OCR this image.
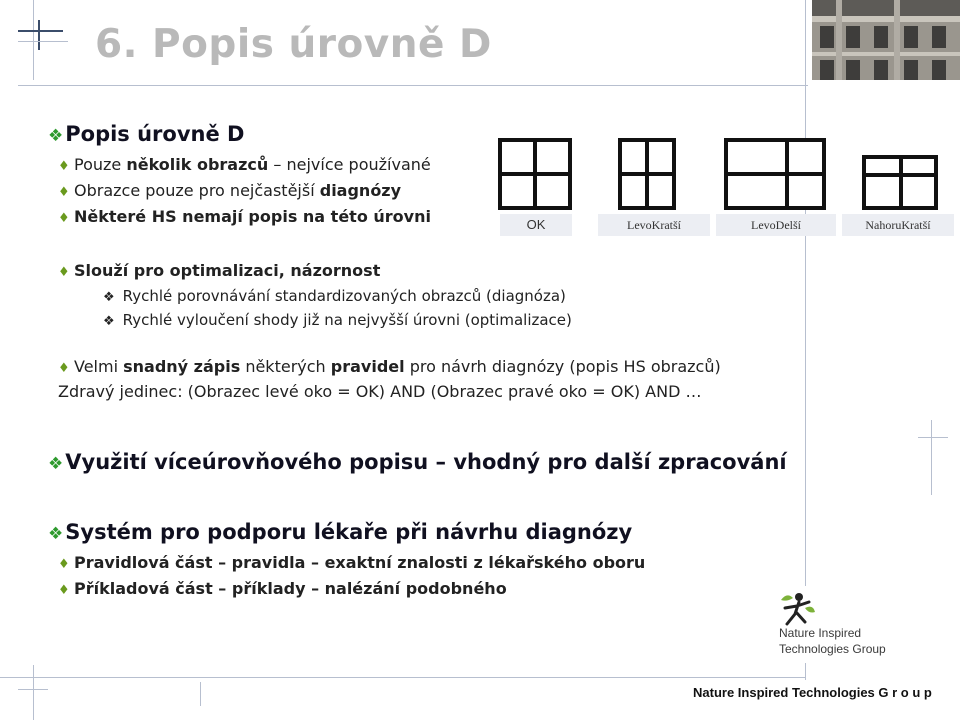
6. Popis úrovně D
❖Popis úrovně D
♦ Pouze několik obrazců – nejvíce používané
♦ Obrazce pouze pro nejčastější diagnózy
♦ Některé HS nemají popis na této úrovni	OK	LevoKratší	LevoDelší	NahoruKratší
♦ Slouží pro optimalizaci, názornost
❖ Rychlé porovnávání standardizovaných obrazců (diagnóza)
❖ Rychlé vyloučení shody již na nejvyšší úrovni (optimalizace)
♦ Velmi snadný zápis některých pravidel pro návrh diagnózy (popis HS obrazců)
Zdravý jedinec: (Obrazec levé oko = OK) AND (Obrazec pravé oko = OK) AND …
❖Využití víceúrovňového popisu – vhodný pro další zpracování
❖Systém pro podporu lékaře při návrhu diagnózy
♦ Pravidlová část – pravidla – exaktní znalosti z lékařského oboru
♦ Příkladová část – příklady – nalézání podobného
Nature Inspired
Technologies Group
Nature Inspired Technologies G r o u p
